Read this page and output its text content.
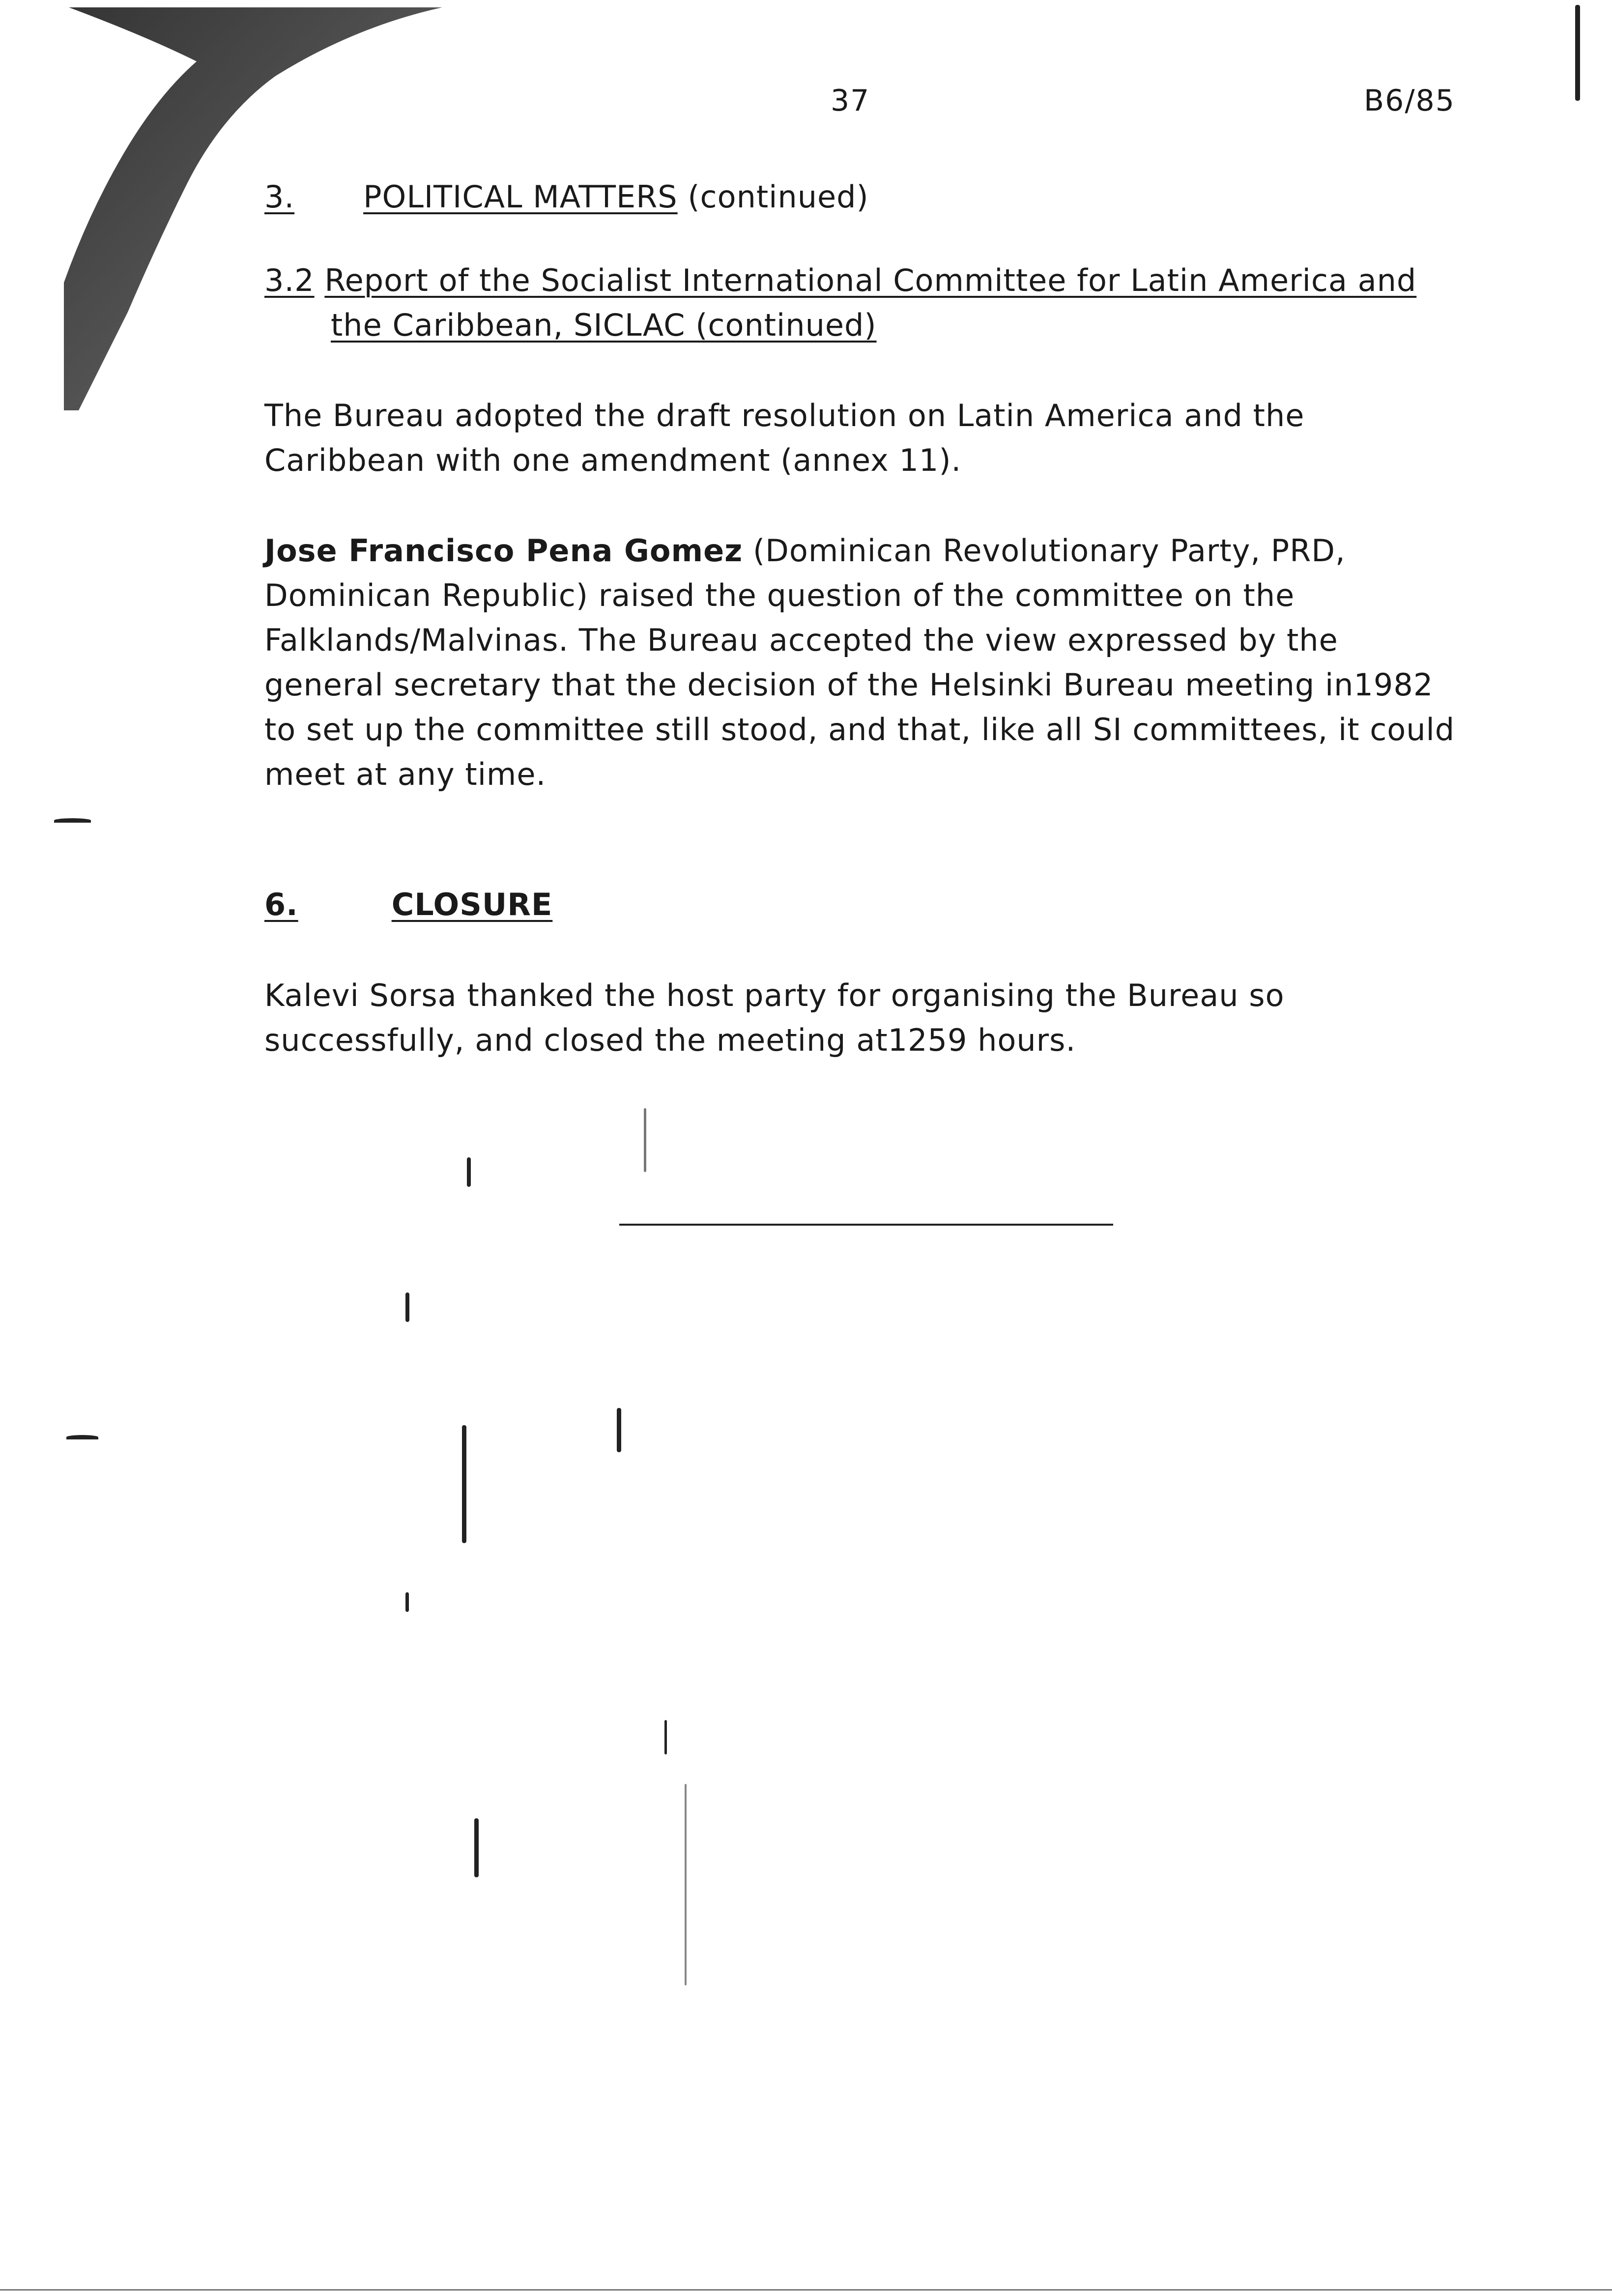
37	B6/85
3. POLITICAL MATTERS (continued)
3.2 Report of the Socialist International Committee for Latin America and
the Caribbean, SICLAC (continued)
The Bureau adopted the draft resolution on Latin America and the Caribbean with one amendment (annex 11).
Jose Francisco Pena Gomez (Dominican Revolutionary Party, PRD, Dominican Republic) raised the question of the committee on the Falklands/Malvinas. The Bureau accepted the view expressed by the general secretary that the decision of the Helsinki Bureau meeting in1982 to set up the committee still stood, and that, like all SI committees, it could meet at any time.
6.	CLOSURE
Kalevi Sorsa thanked the host party for organising the Bureau so successfully, and closed the meeting at1259 hours.
